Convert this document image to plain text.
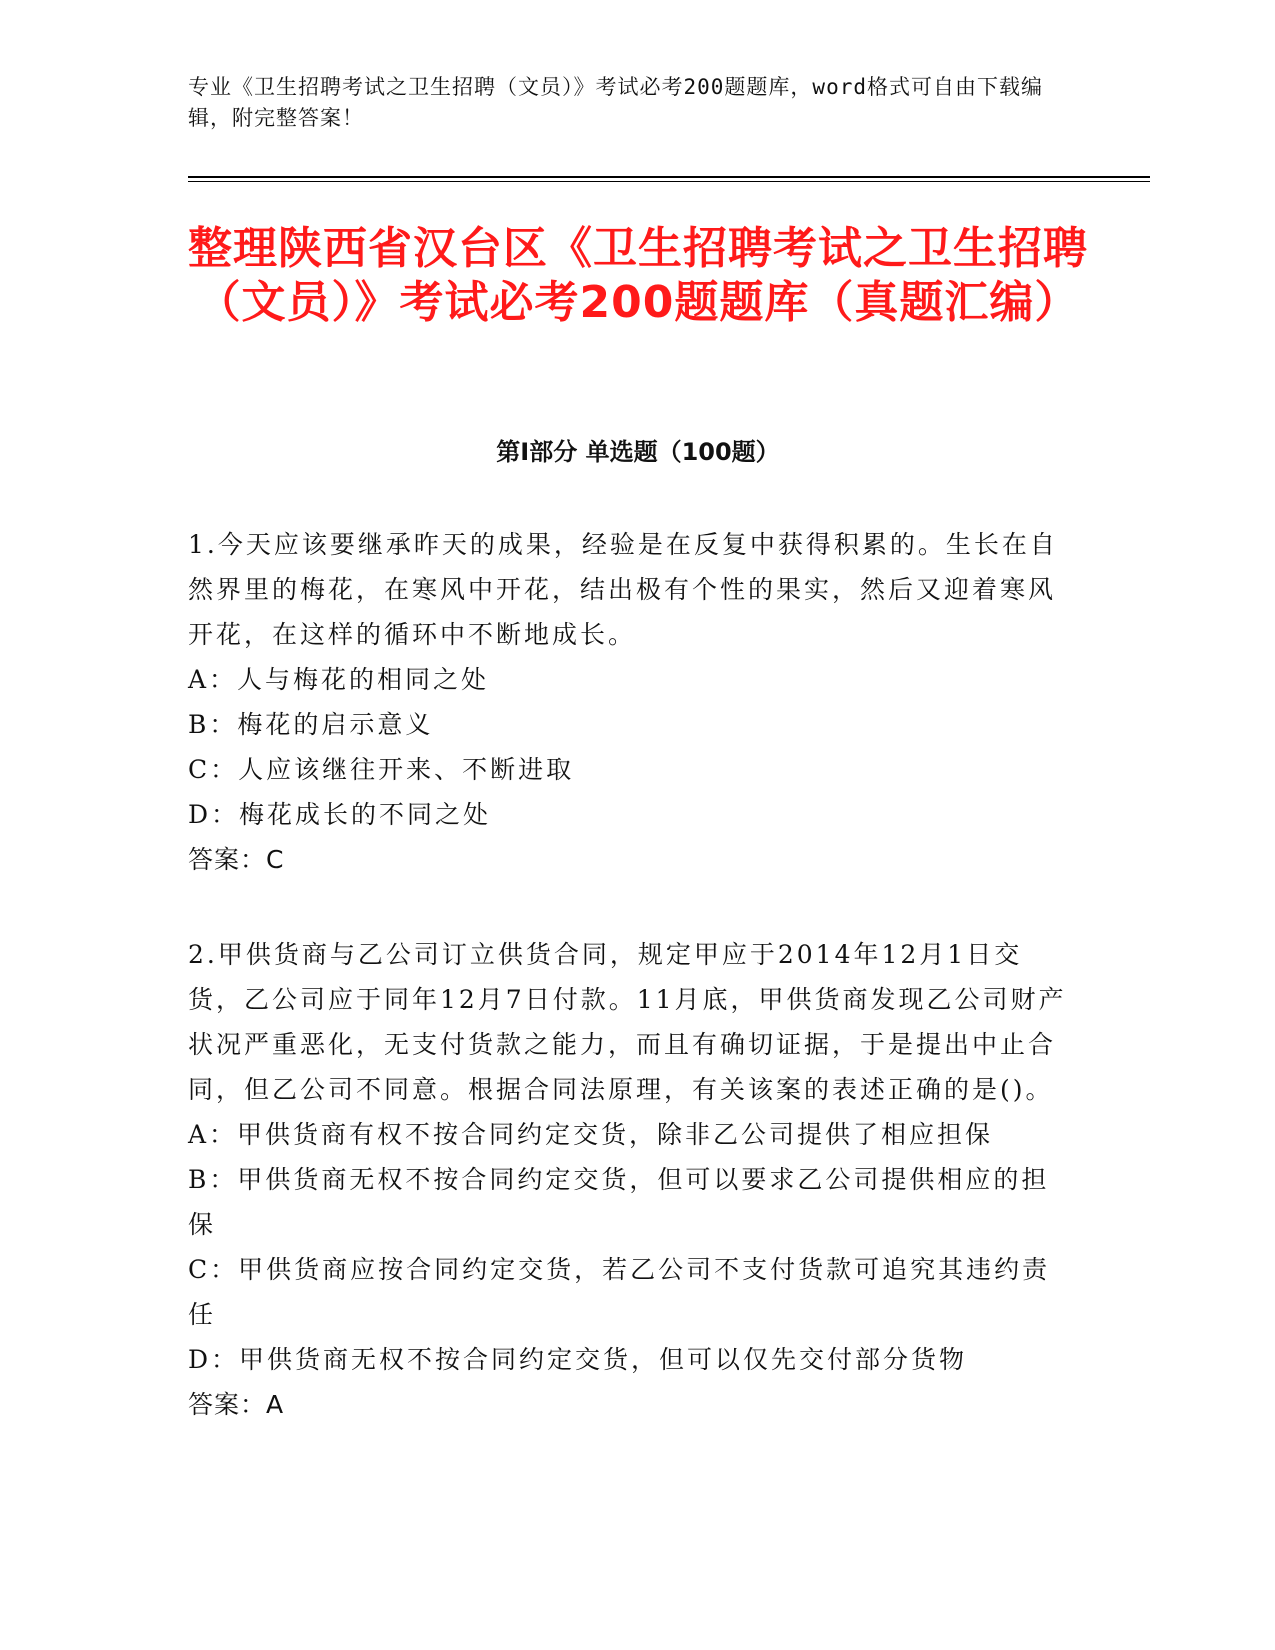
专业《卫生招聘考试之卫生招聘（文员）》考试必考200题题库，word格式可自由下载编辑，附完整答案！
整理陕西省汉台区《卫生招聘考试之卫生招聘（文员）》考试必考200题题库（真题汇编）
第Ⅰ部分 单选题（100题）

1.今天应该要继承昨天的成果，经验是在反复中获得积累的。生长在自然界里的梅花，在寒风中开花，结出极有个性的果实，然后又迎着寒风开花，在这样的循环中不断地成长。

A：人与梅花的相同之处

B：梅花的启示意义

C：人应该继往开来、不断进取

D：梅花成长的不同之处

答案：C

2.甲供货商与乙公司订立供货合同，规定甲应于2014年12月1日交货，乙公司应于同年12月7日付款。11月底，甲供货商发现乙公司财产状况严重恶化，无支付货款之能力，而且有确切证据，于是提出中止合同，但乙公司不同意。根据合同法原理，有关该案的表述正确的是()。

A：甲供货商有权不按合同约定交货，除非乙公司提供了相应担保

B：甲供货商无权不按合同约定交货，但可以要求乙公司提供相应的担保

C：甲供货商应按合同约定交货，若乙公司不支付货款可追究其违约责任

D：甲供货商无权不按合同约定交货，但可以仅先交付部分货物

答案：A
